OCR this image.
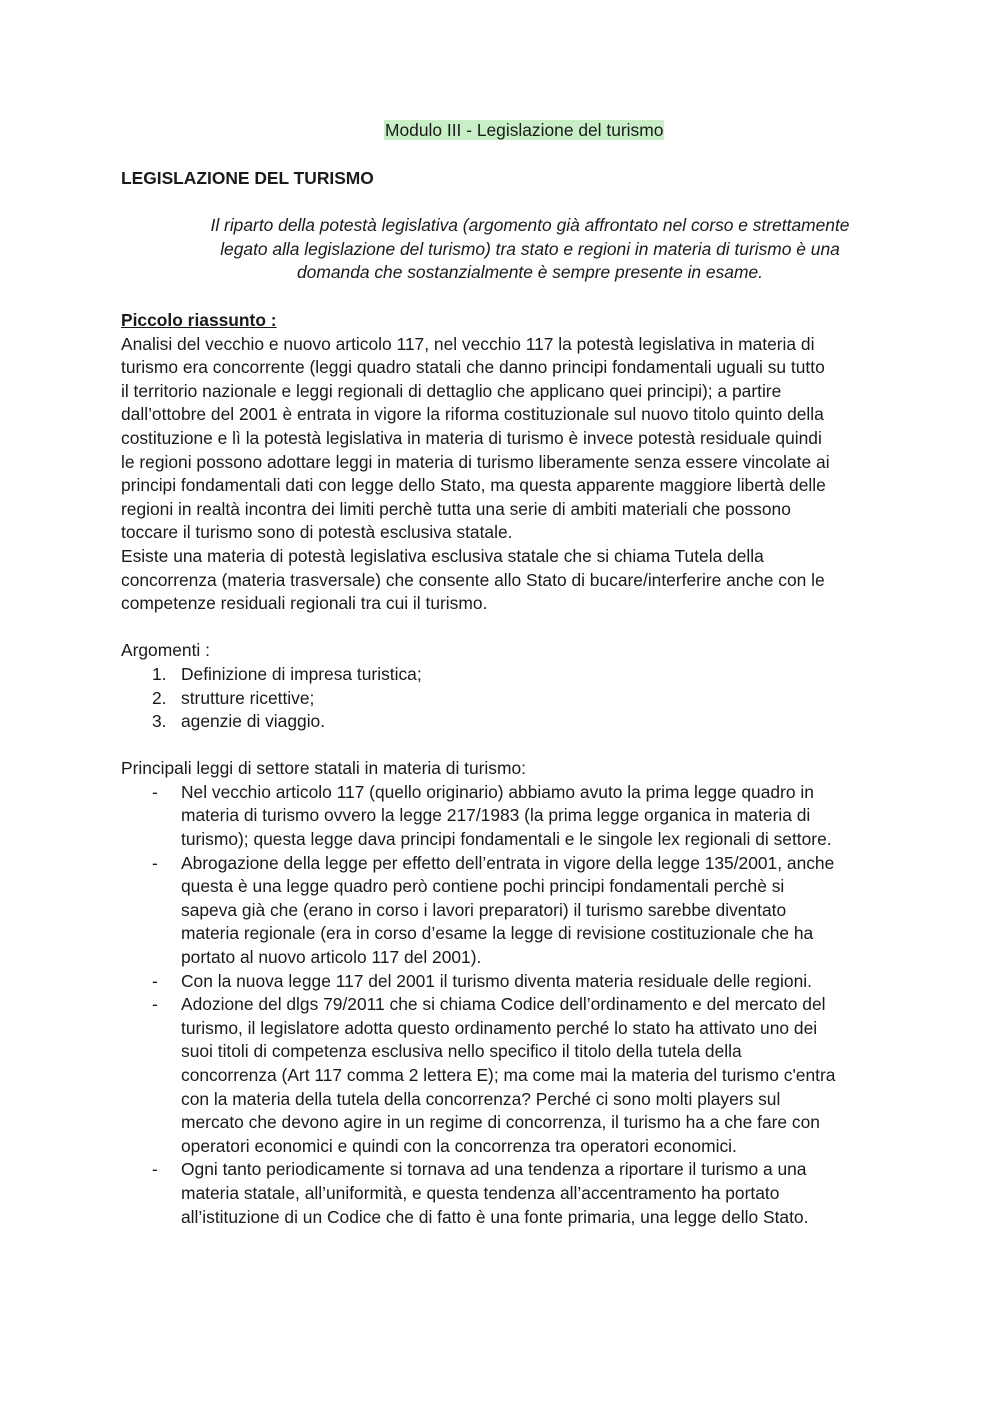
Modulo III - Legislazione del turismo
LEGISLAZIONE DEL TURISMO
Il riparto della potestà legislativa (argomento già affrontato nel corso e strettamente
legato alla legislazione del turismo) tra stato e regioni in materia di turismo è una
domanda che sostanzialmente è sempre presente in esame.
Piccolo riassunto :
Analisi del vecchio e nuovo articolo 117, nel vecchio 117 la potestà legislativa in materia di
turismo era concorrente (leggi quadro statali che danno principi fondamentali uguali su tutto
il territorio nazionale e leggi regionali di dettaglio che applicano quei principi); a partire
dall’ottobre del 2001 è entrata in vigore la riforma costituzionale sul nuovo titolo quinto della
costituzione e lì la potestà legislativa in materia di turismo è invece potestà residuale quindi
le regioni possono adottare leggi in materia di turismo liberamente senza essere vincolate ai
principi fondamentali dati con legge dello Stato, ma questa apparente maggiore libertà delle
regioni in realtà incontra dei limiti perchè tutta una serie di ambiti materiali che possono
toccare il turismo sono di potestà esclusiva statale.
Esiste una materia di potestà legislativa esclusiva statale che si chiama Tutela della
concorrenza (materia trasversale) che consente allo Stato di bucare/interferire anche con le
competenze residuali regionali tra cui il turismo.
Argomenti :
1. Definizione di impresa turistica;
2. strutture ricettive;
3. agenzie di viaggio.
Principali leggi di settore statali in materia di turismo:
-	Nel vecchio articolo 117 (quello originario) abbiamo avuto la prima legge quadro in
materia di turismo ovvero la legge 217/1983 (la prima legge organica in materia di
turismo); questa legge dava principi fondamentali e le singole lex regionali di settore.
-	Abrogazione della legge per effetto dell’entrata in vigore della legge 135/2001, anche
questa è una legge quadro però contiene pochi principi fondamentali perchè si
sapeva già che (erano in corso i lavori preparatori) il turismo sarebbe diventato
materia regionale (era in corso d’esame la legge di revisione costituzionale che ha
portato al nuovo articolo 117 del 2001).
-	Con la nuova legge 117 del 2001 il turismo diventa materia residuale delle regioni.
-	Adozione del dlgs 79/2011 che si chiama Codice dell’ordinamento e del mercato del
turismo, il legislatore adotta questo ordinamento perché lo stato ha attivato uno dei
suoi titoli di competenza esclusiva nello specifico il titolo della tutela della
concorrenza (Art 117 comma 2 lettera E); ma come mai la materia del turismo c'entra
con la materia della tutela della concorrenza? Perché ci sono molti players sul
mercato che devono agire in un regime di concorrenza, il turismo ha a che fare con
operatori economici e quindi con la concorrenza tra operatori economici.
-	Ogni tanto periodicamente si tornava ad una tendenza a riportare il turismo a una
materia statale, all’uniformità, e questa tendenza all’accentramento ha portato
all’istituzione di un Codice che di fatto è una fonte primaria, una legge dello Stato.
